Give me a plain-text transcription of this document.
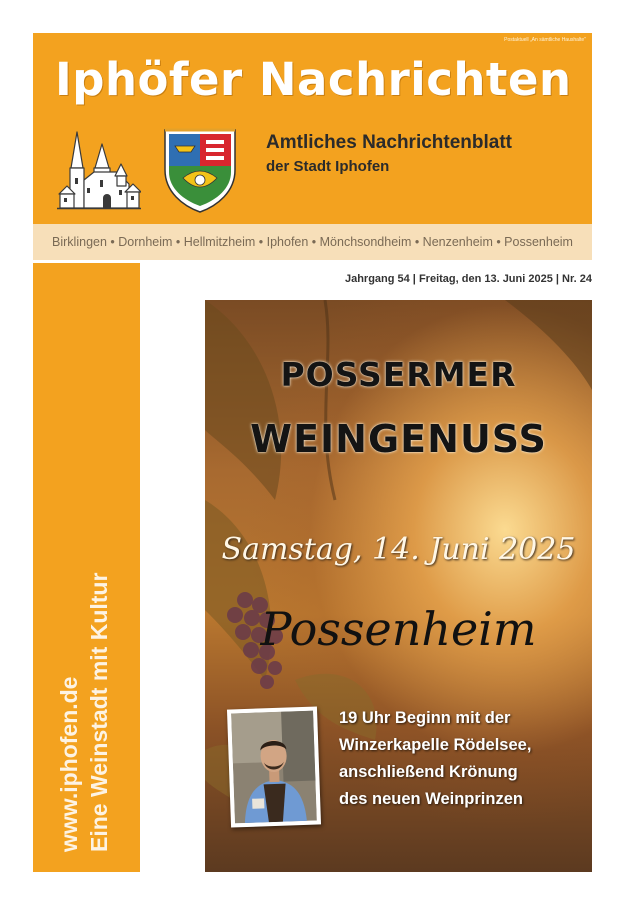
Postaktuell „An sämtliche Haushalte"
Iphöfer Nachrichten
Amtliches Nachrichtenblatt
der Stadt Iphofen
Birklingen • Dornheim • Hellmitzheim • Iphofen • Mönchsondheim • Nenzenheim • Possenheim
www.iphofen.de Eine Weinstadt mit Kultur
Jahrgang 54 | Freitag, den 13. Juni 2025 | Nr. 24
POSSERMER
WEINGENUSS
Samstag, 14. Juni 2025
Possenheim
19 Uhr Beginn mit der
Winzerkapelle Rödelsee,
anschließend Krönung
des neuen Weinprinzen
